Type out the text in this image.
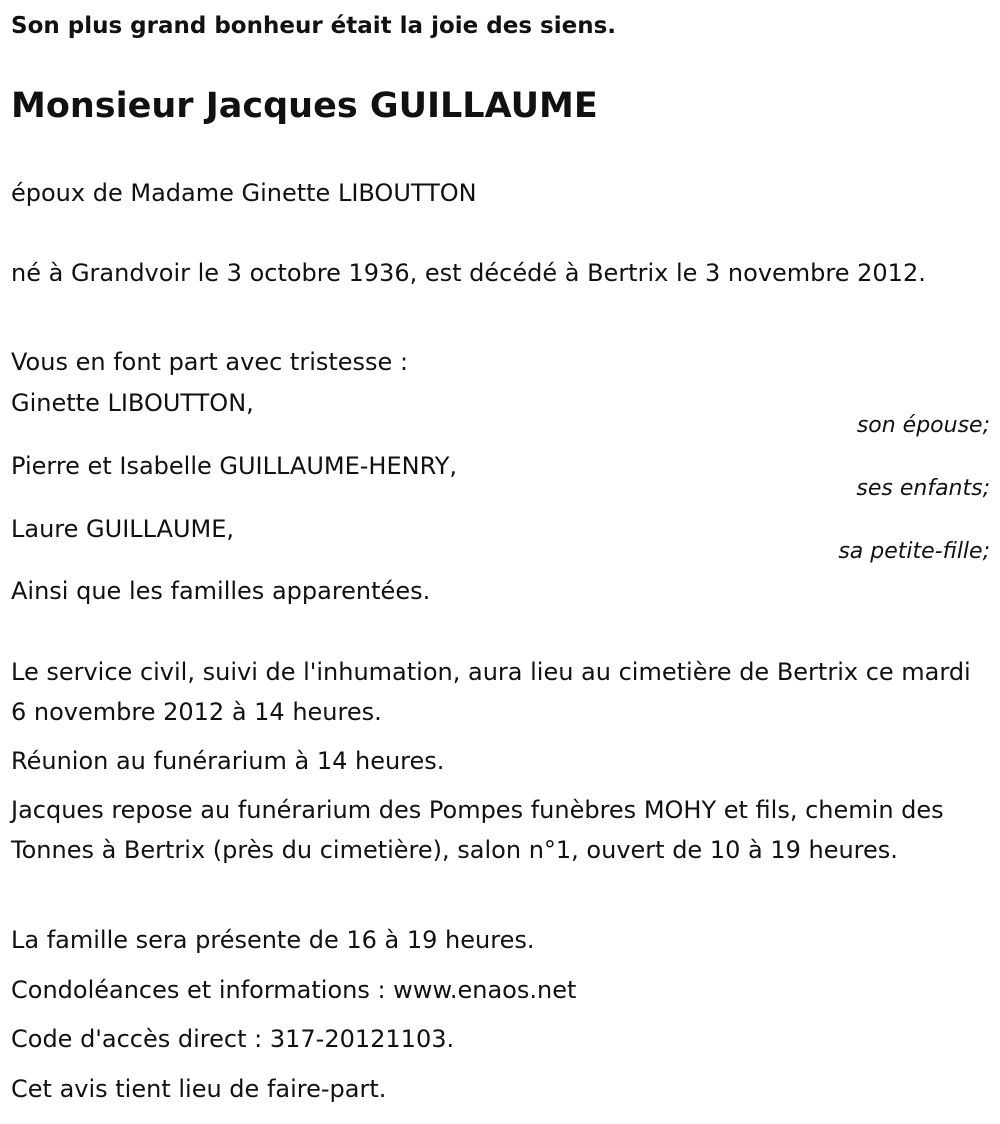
Son plus grand bonheur était la joie des siens.
Monsieur Jacques GUILLAUME
époux de Madame Ginette LIBOUTTON
né à Grandvoir le 3 octobre 1936, est décédé à Bertrix le 3 novembre 2012.
Vous en font part avec tristesse :
Ginette LIBOUTTON,
son épouse;
Pierre et Isabelle GUILLAUME-HENRY,
ses enfants;
Laure GUILLAUME,
sa petite-fille;
Ainsi que les familles apparentées.
Le service civil, suivi de l'inhumation, aura lieu au cimetière de Bertrix ce mardi 6 novembre 2012 à 14 heures.
Réunion au funérarium à 14 heures.
Jacques repose au funérarium des Pompes funèbres MOHY et fils, chemin des Tonnes à Bertrix (près du cimetière), salon n°1, ouvert de 10 à 19 heures.
La famille sera présente de 16 à 19 heures.
Condoléances et informations : www.enaos.net
Code d'accès direct : 317-20121103.
Cet avis tient lieu de faire-part.
